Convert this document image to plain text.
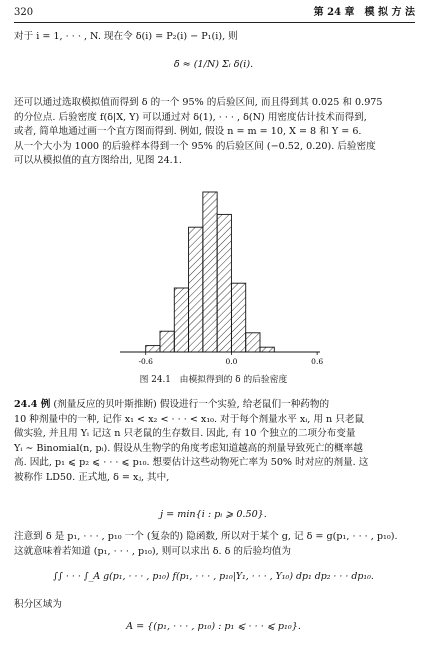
320	第 24 章　模 拟 方 法
对于 i = 1, · · · , N. 现在令 δ(i) = P₂(i) − P₁(i), 则
δ̄ ≈ (1/N) Σᵢ δ(i).
还可以通过选取模拟值而得到 δ 的一个 95% 的后验区间, 而且得到其 0.025 和 0.975
的分位点. 后验密度 f(δ|X, Y) 可以通过对 δ(1), · · · , δ(N) 用密度估计技术而得到,
或者, 简单地通过画一个直方图而得到. 例如, 假设 n = m = 10, X = 8 和 Y = 6.
从一个大小为 1000 的后验样本得到一个 95% 的后验区间 (−0.52, 0.20). 后验密度
可以从模拟值的直方图给出, 见图 24.1.
-0.6	0.0	0.6
图 24.1　由模拟得到的 δ 的后验密度
24.4 例 (剂量反应的贝叶斯推断) 假设进行一个实验, 给老鼠们一种药物的
10 种剂量中的一种, 记作 x₁ < x₂ < · · · < x₁₀. 对于每个剂量水平 xᵢ, 用 n 只老鼠
做实验, 并且用 Yᵢ 记这 n 只老鼠的生存数目. 因此, 有 10 个独立的二项分布变量
Yᵢ ∼ Binomial(n, pᵢ). 假设从生物学的角度考虑知道越高的剂量导致死亡的概率越
高. 因此, p₁ ⩽ p₂ ⩽ · · · ⩽ p₁₀. 想要估计这些动物死亡率为 50% 时对应的剂量. 这
被称作 LD50. 正式地, δ = xⱼ, 其中,
j = min{i : pᵢ ⩾ 0.50}.
注意到 δ 是 p₁, · · · , p₁₀ 一个 (复杂的) 隐函数, 所以对于某个 g, 记 δ = g(p₁, · · · , p₁₀).
这就意味着若知道 (p₁, · · · , p₁₀), 则可以求出 δ. δ 的后验均值为
∫∫ · · · ∫_A g(p₁, · · · , p₁₀) f(p₁, · · · , p₁₀|Y₁, · · · , Y₁₀) dp₁ dp₂ · · · dp₁₀.
积分区域为
A = {(p₁, · · · , p₁₀) : p₁ ⩽ · · · ⩽ p₁₀}.
